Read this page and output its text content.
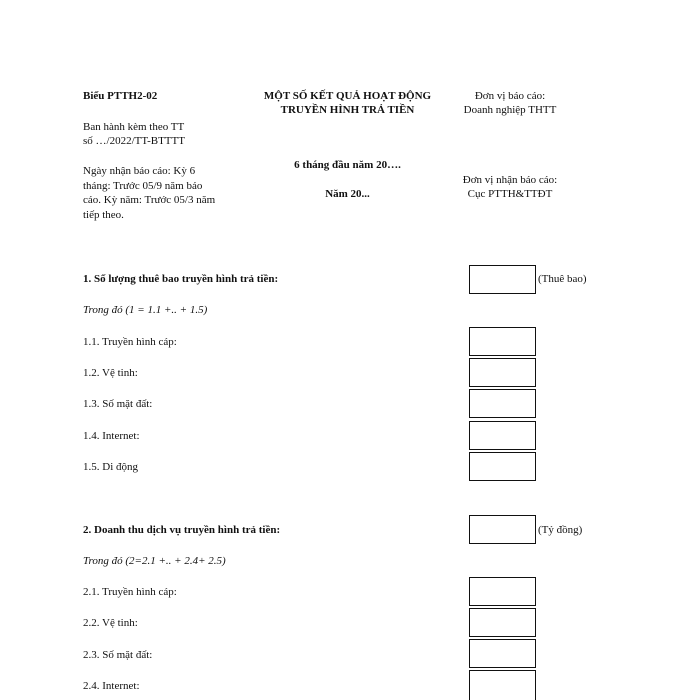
Biểu PTTH2-02
Ban hành kèm theo TT
số …/2022/TT-BTTTT
Ngày nhận báo cáo: Kỳ 6
tháng: Trước 05/9 năm báo
cáo. Kỳ năm: Trước 05/3 năm
tiếp theo.
MỘT SỐ KẾT QUẢ HOẠT ĐỘNG
TRUYỀN HÌNH TRẢ TIỀN
6 tháng đầu năm 20….
Năm 20...
Đơn vị báo cáo:
Doanh nghiệp THTT
Đơn vị nhận báo cáo:
Cục PTTH&TTĐT
1. Số lượng thuê bao truyền hình trả tiền:	(Thuê bao)
Trong đó (1 = 1.1 +.. + 1.5)
1.1. Truyền hình cáp:
1.2. Vệ tinh:
1.3. Số mặt đất:
1.4. Internet:
1.5. Di động
2. Doanh thu dịch vụ truyền hình trả tiền:	(Tỷ đồng)
Trong đó (2=2.1 +.. + 2.4+ 2.5)
2.1. Truyền hình cáp:
2.2. Vệ tinh:
2.3. Số mặt đất:
2.4. Internet:
